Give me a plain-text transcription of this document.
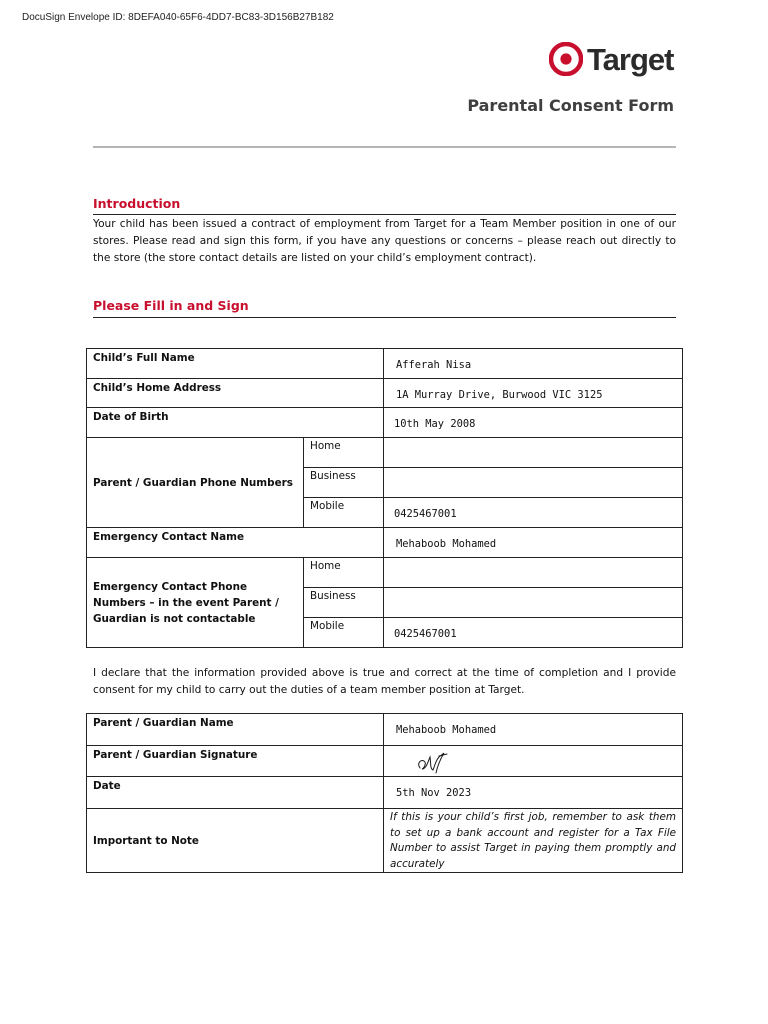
DocuSign Envelope ID: 8DEFA040-65F6-4DD7-BC83-3D156B27B182
Target
Parental Consent Form
Introduction
Your child has been issued a contract of employment from Target for a Team Member position in one of our stores. Please read and sign this form, if you have any questions or concerns – please reach out directly to the store (the store contact details are listed on your child’s employment contract).
Please Fill in and Sign
Child’s Full Name		Afferah Nisa

Child’s Home Address		1A Murray Drive, Burwood VIC 3125

Date of Birth		10th May 2008

Parent / Guardian Phone Numbers	Home	

	Business	

	Mobile	0425467001

Emergency Contact Name		Mehaboob Mohamed

Emergency Contact Phone Numbers – in the event Parent / Guardian is not contactable	Home	

	Business	

	Mobile	0425467001
I declare that the information provided above is true and correct at the time of completion and I provide consent for my child to carry out the duties of a team member position at Target.
Parent / Guardian Name	Mehaboob Mohamed

Parent / Guardian Signature	

Date	5th Nov 2023

Important to Note	If this is your child’s first job, remember to ask them to set up a bank account and register for a Tax File Number to assist Target in paying them promptly and accurately
